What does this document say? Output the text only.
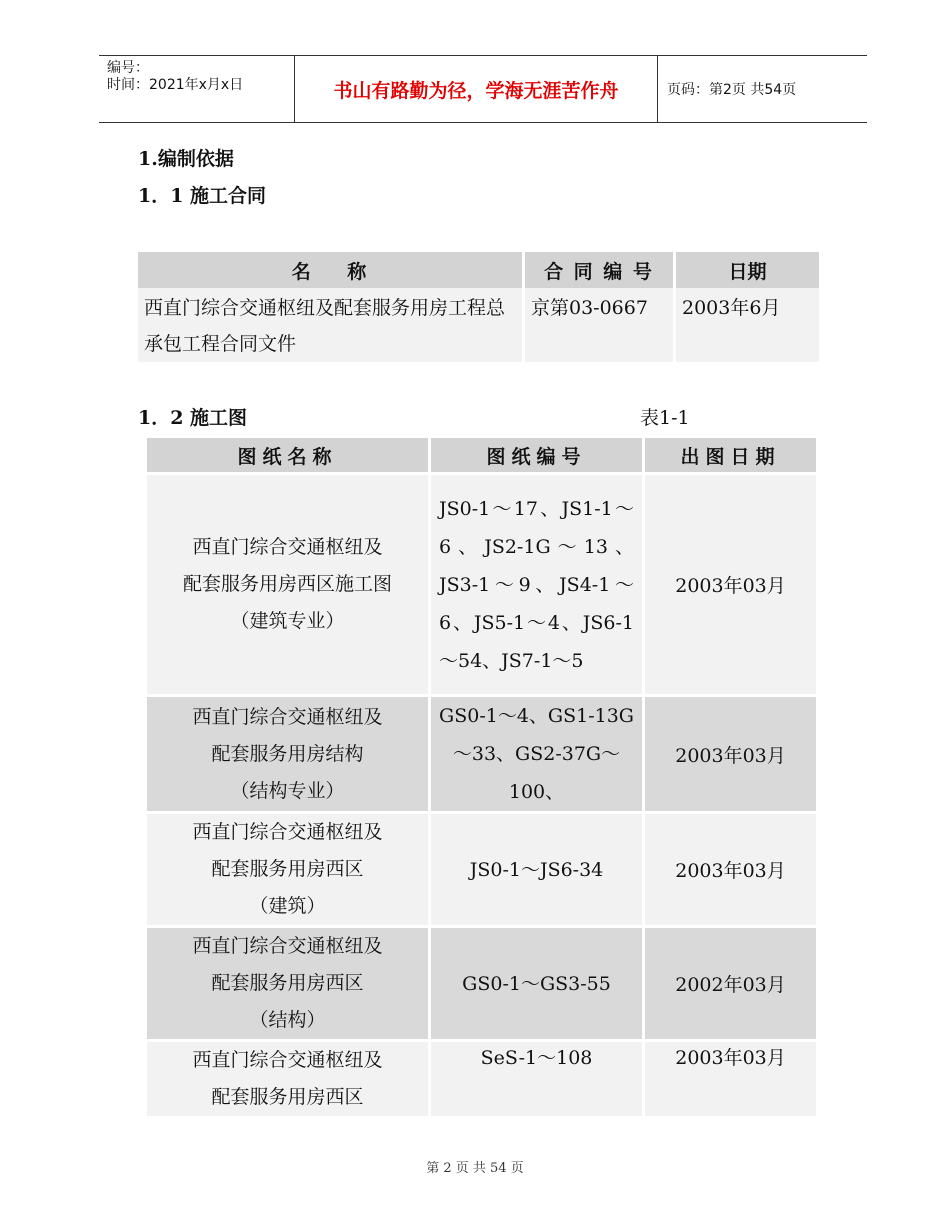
编号：
时间：2021年x月x日	书山有路勤为径，学海无涯苦作舟	页码：第2页 共54页
1.编制依据
1．1 施工合同
名    称	合 同 编 号	日期
西直门综合交通枢纽及配套服务用房工程总承包工程合同文件	京第03-0667	2003年6月
1．2 施工图	表1-1
图纸名称	图纸编号	出图日期

西直门综合交通枢纽及
配套服务用房西区施工图
（建筑专业）	JS0-1～17、JS1-1～6、JS2-1G～13、JS3-1～9、JS4-1～6、JS5-1～4、JS6-1～54、JS7-1～5	2003年03月

西直门综合交通枢纽及
配套服务用房结构
（结构专业）	GS0-1～4、GS1-13G～33、GS2-37G～100、	2003年03月

西直门综合交通枢纽及
配套服务用房西区
（建筑）	JS0-1～JS6-34	2003年03月

西直门综合交通枢纽及
配套服务用房西区
（结构）	GS0-1～GS3-55	2002年03月

西直门综合交通枢纽及
配套服务用房西区	SeS-1～108	2003年03月
第 2 页 共 54 页
